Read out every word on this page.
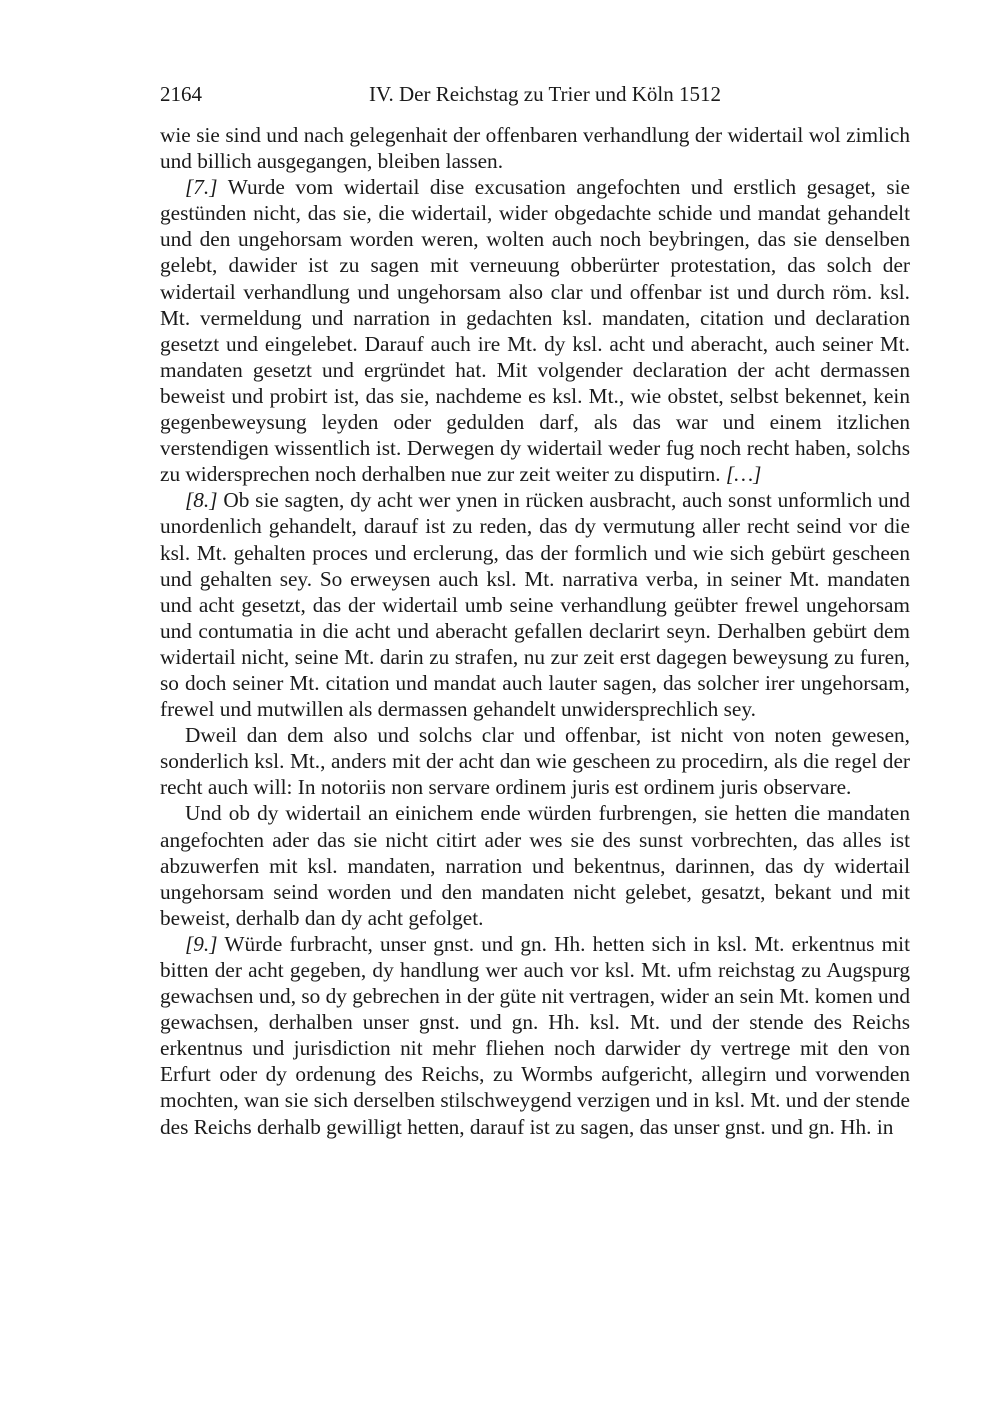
2164	IV. Der Reichstag zu Trier und Köln 1512

wie sie sind und nach gelegenhait der offenbaren verhandlung der widertail wol zimlich und billich ausgegangen, bleiben lassen.

[7.] Wurde vom widertail dise excusation angefochten und erstlich gesaget, sie gestünden nicht, das sie, die widertail, wider obgedachte schide und mandat gehandelt und den ungehorsam worden weren, wolten auch noch beybringen, das sie denselben gelebt, dawider ist zu sagen mit verneuung obberürter protestation, das solch der widertail verhandlung und ungehorsam also clar und offenbar ist und durch röm. ksl. Mt. vermeldung und narration in gedachten ksl. mandaten, citation und declaration gesetzt und eingelebet. Darauf auch ire Mt. dy ksl. acht und aberacht, auch seiner Mt. mandaten gesetzt und ergründet hat. Mit volgender declaration der acht dermassen beweist und probirt ist, das sie, nachdeme es ksl. Mt., wie obstet, selbst bekennet, kein gegenbeweysung leyden oder gedulden darf, als das war und einem itzlichen verstendigen wissentlich ist. Derwegen dy widertail weder fug noch recht haben, solchs zu widersprechen noch derhalben nue zur zeit weiter zu disputirn. […]

[8.] Ob sie sagten, dy acht wer ynen in rücken ausbracht, auch sonst unformlich und unordenlich gehandelt, darauf ist zu reden, das dy vermutung aller recht seind vor die ksl. Mt. gehalten proces und erclerung, das der formlich und wie sich gebürt gescheen und gehalten sey. So erweysen auch ksl. Mt. narrativa verba, in seiner Mt. mandaten und acht gesetzt, das der widertail umb seine verhandlung geübter frewel ungehorsam und contumatia in die acht und aberacht gefallen declarirt seyn. Derhalben gebürt dem widertail nicht, seine Mt. darin zu strafen, nu zur zeit erst dagegen beweysung zu furen, so doch seiner Mt. citation und mandat auch lauter sagen, das solcher irer ungehorsam, frewel und mutwillen als dermassen gehandelt unwidersprechlich sey.

Dweil dan dem also und solchs clar und offenbar, ist nicht von noten gewesen, sonderlich ksl. Mt., anders mit der acht dan wie gescheen zu procedirn, als die regel der recht auch will: In notoriis non servare ordinem juris est ordinem juris observare.

Und ob dy widertail an einichem ende würden furbrengen, sie hetten die mandaten angefochten ader das sie nicht citirt ader wes sie des sunst vorbrechten, das alles ist abzuwerfen mit ksl. mandaten, narration und bekentnus, darinnen, das dy widertail ungehorsam seind worden und den mandaten nicht gelebet, gesatzt, bekant und mit beweist, derhalb dan dy acht gefolget.

[9.] Würde furbracht, unser gnst. und gn. Hh. hetten sich in ksl. Mt. erkentnus mit bitten der acht gegeben, dy handlung wer auch vor ksl. Mt. ufm reichstag zu Augspurg gewachsen und, so dy gebrechen in der güte nit vertragen, wider an sein Mt. komen und gewachsen, derhalben unser gnst. und gn. Hh. ksl. Mt. und der stende des Reichs erkentnus und jurisdiction nit mehr fliehen noch darwider dy vertrege mit den von Erfurt oder dy ordenung des Reichs, zu Wormbs aufgericht, allegirn und vorwenden mochten, wan sie sich derselben stilschweygend verzigen und in ksl. Mt. und der stende des Reichs derhalb gewilligt hetten, darauf ist zu sagen, das unser gnst. und gn. Hh. in
